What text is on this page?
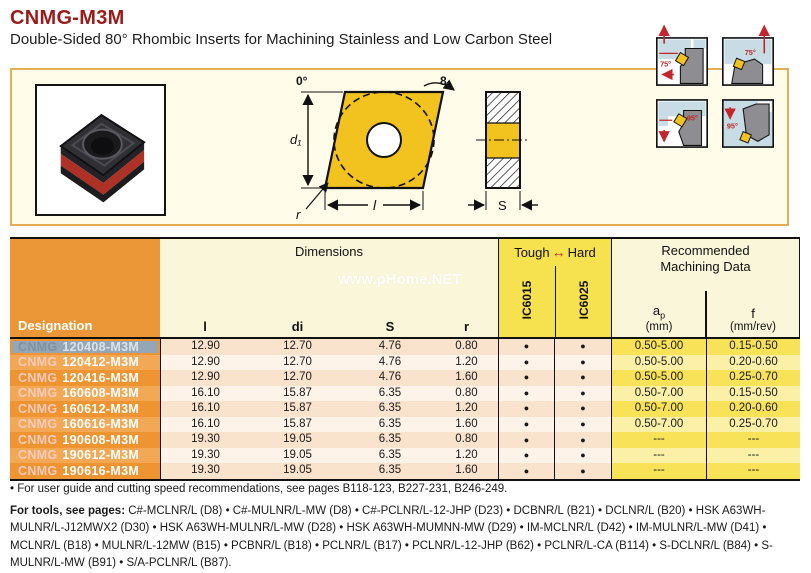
CNMG-M3M
Double-Sided 80° Rhombic Inserts for Machining Stainless and Low Carbon Steel
d₁
l
r
80°
S
75°
75°
95°
95°
Designation
Dimensions
l	di	S	r
Tough ↔ Hard
IC6015	IC6025
Recommended Machining Data
$a_p$
(mm)
f
(mm/rev)
CNMG 120408-M3M	12.90	12.70	4.76	0.80	●	●	0.50-5.00	0.15-0.50
CNMG 120412-M3M	12.90	12.70	4.76	1.20	●	●	0.50-5.00	0.20-0.60
CNMG 120416-M3M	12.90	12.70	4.76	1.60	●	●	0.50-5.00	0.25-0.70
CNMG 160608-M3M	16.10	15.87	6.35	0.80	●	●	0.50-7.00	0.15-0.50
CNMG 160612-M3M	16.10	15.87	6.35	1.20	●	●	0.50-7.00	0.20-0.60
CNMG 160616-M3M	16.10	15.87	6.35	1.60	●	●	0.50-7.00	0.25-0.70
CNMG 190608-M3M	19.30	19.05	6.35	0.80	●	●	---	---
CNMG 190612-M3M	19.30	19.05	6.35	1.20	●	●	---	---
CNMG 190616-M3M	19.30	19.05	6.35	1.60	●	●	---	---
www.pHome.NET
• For user guide and cutting speed recommendations, see pages B118-123, B227-231, B246-249.

For tools, see pages: C#-MCLNR/L (D8) • C#-MULNR/L-MW (D8) • C#-PCLNR/L-12-JHP (D23) • DCBNR/L (B21) • DCLNR/L (B20) • HSK A63WH-MULNR/L-J12MWX2 (D30) • HSK A63WH-MULNR/L-MW (D28) • HSK A63WH-MUMNN-MW (D29) • IM-MCLNR/L (D42) • IM-MULNR/L-MW (D41) • MCLNR/L (B18) • MULNR/L-12MW (B15) • PCBNR/L (B18) • PCLNR/L (B17) • PCLNR/L-12-JHP (B62) • PCLNR/L-CA (B114) • S-DCLNR/L (B84) • S-MULNR/L-MW (B91) • S/A-PCLNR/L (B87).
